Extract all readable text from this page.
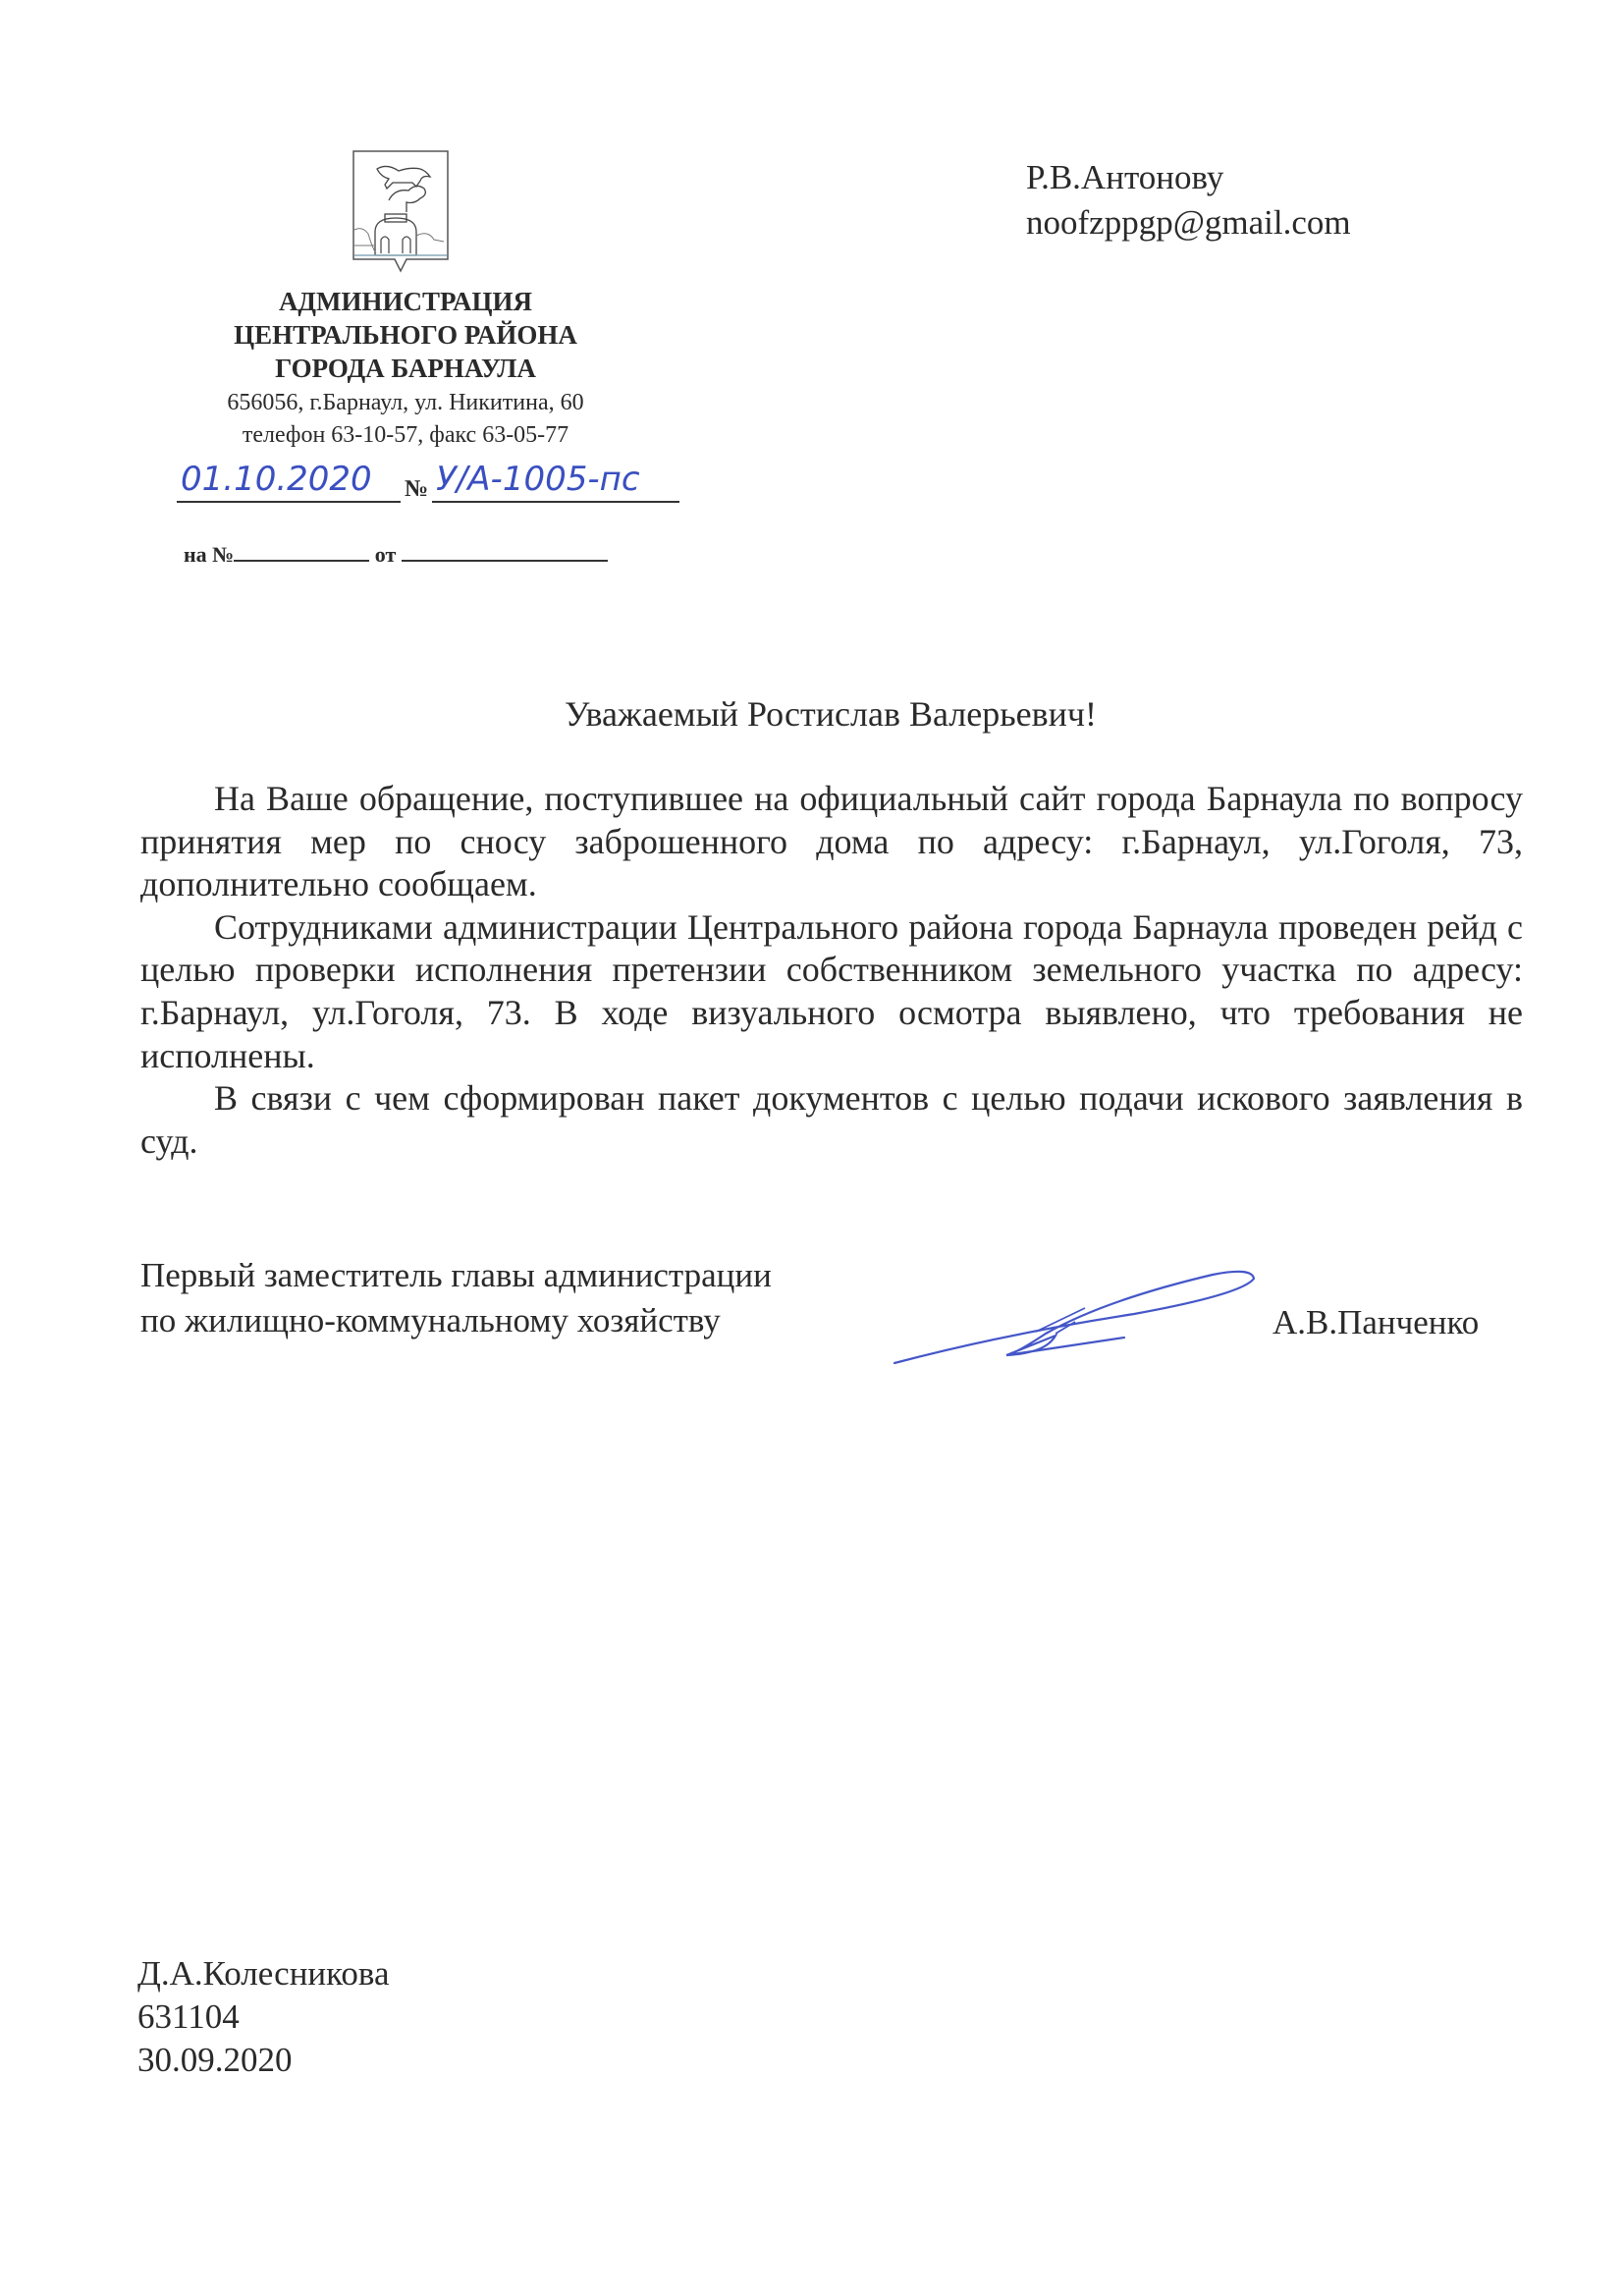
АДМИНИСТРАЦИЯ
ЦЕНТРАЛЬНОГО РАЙОНА
ГОРОДА БАРНАУЛА
656056, г.Барнаул, ул. Никитина, 60
телефон 63-10-57, факс 63-05-77
01.10.2020 № У/А-1005-пс
на №	от
Р.В.Антонову
noofzppgp@gmail.com
Уважаемый Ростислав Валерьевич!

На Ваше обращение, поступившее на официальный сайт города Барнаула по вопросу принятия мер по сносу заброшенного дома по адресу: г.Барнаул, ул.Гоголя, 73, дополнительно сообщаем.

Сотрудниками администрации Центрального района города Барнаула проведен рейд с целью проверки исполнения претензии собственником земельного участка по адресу: г.Барнаул, ул.Гоголя, 73. В ходе визуального осмотра выявлено, что требования не исполнены.

В связи с чем сформирован пакет документов с целью подачи искового заявления в суд.

Первый заместитель главы администрации
по жилищно-коммунальному хозяйству	А.В.Панченко
Д.А.Колесникова
631104
30.09.2020
